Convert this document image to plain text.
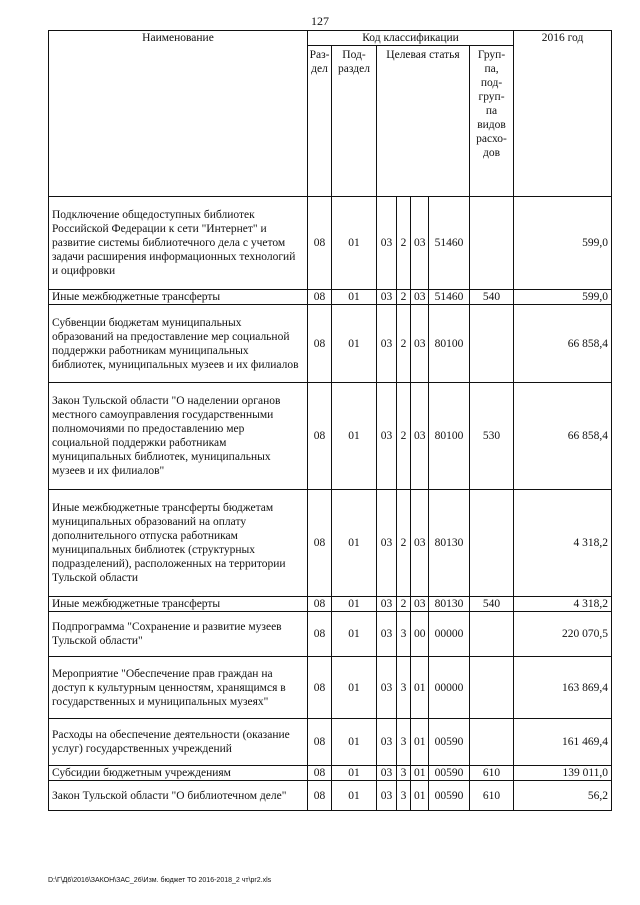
127
Наименование	Код классификации							2016 год
	Раз-дел	Под-раздел	Целевая статья				Груп-па, под-груп-па видов расхо-дов	
Подключение общедоступных библиотек Российской Федерации к сети "Интернет" и развитие системы библиотечного дела с учетом задачи расширения информационных технологий и оцифровки	08	01	03	2	03	51460		599,0
Иные межбюджетные трансферты	08	01	03	2	03	51460	540	599,0
Субвенции бюджетам муниципальных образований на предоставление мер социальной поддержки работникам муниципальных библиотек, муниципальных музеев и их филиалов	08	01	03	2	03	80100		66 858,4
Закон Тульской области "О наделении органов местного самоуправления государственными полномочиями по предоставлению мер социальной поддержки работникам муниципальных библиотек, муниципальных музеев и их филиалов"	08	01	03	2	03	80100	530	66 858,4
Иные межбюджетные трансферты бюджетам муниципальных образований на оплату дополнительного отпуска работникам муниципальных библиотек (структурных подразделений), расположенных на территории Тульской области	08	01	03	2	03	80130		4 318,2
Иные межбюджетные трансферты	08	01	03	2	03	80130	540	4 318,2
Подпрограмма "Сохранение и развитие музеев Тульской области"	08	01	03	3	00	00000		220 070,5
Мероприятие "Обеспечение прав граждан на доступ к культурным ценностям, хранящимся в государственных и муниципальных музеях"	08	01	03	3	01	00000		163 869,4
Расходы на обеспечение деятельности (оказание услуг) государственных учреждений	08	01	03	3	01	00590		161 469,4
Субсидии бюджетным учреждениям	08	01	03	3	01	00590	610	139 011,0
Закон Тульской области "О библиотечном деле"	08	01	03	3	01	00590	610	56,2
D:\Г\Д6\2016\ЗАКОН\ЗАС_26\Изм. бюджет ТО 2016-2018_2 чт\pr2.xls
